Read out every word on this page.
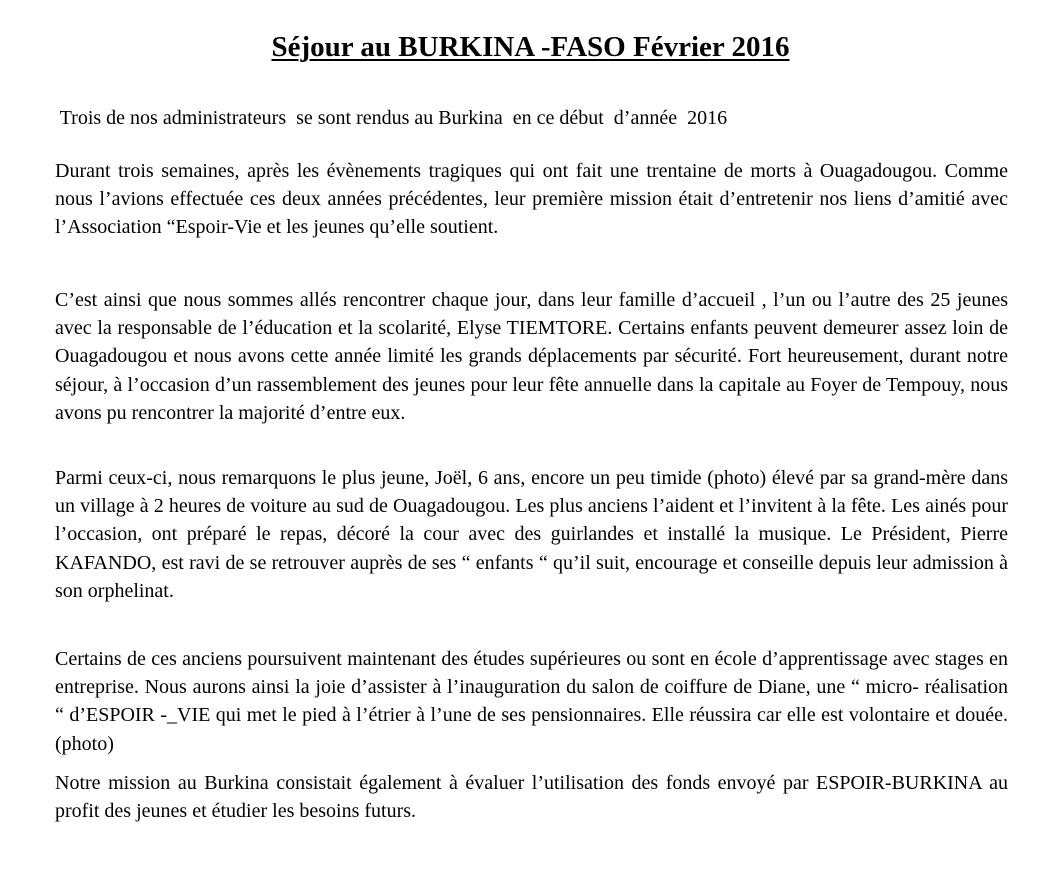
Séjour au BURKINA -FASO Février 2016

Trois de nos administrateurs  se sont rendus au Burkina  en ce début  d’année  2016

Durant trois semaines, après les évènements tragiques qui ont fait une trentaine de morts à Ouagadougou. Comme nous l’avions effectuée ces deux années précédentes, leur première mission était d’entretenir nos liens d’amitié avec l’Association “Espoir-Vie et les jeunes qu’elle soutient.

C’est ainsi que nous sommes allés rencontrer chaque jour, dans leur famille d’accueil , l’un ou l’autre des 25 jeunes avec la responsable de l’éducation et la scolarité, Elyse TIEMTORE. Certains enfants peuvent demeurer assez loin de Ouagadougou et nous avons cette année limité les grands déplacements par sécurité. Fort heureusement, durant notre séjour, à l’occasion d’un rassemblement des jeunes pour leur fête annuelle dans la capitale au Foyer de Tempouy, nous avons pu rencontrer la majorité d’entre eux.

Parmi ceux-ci, nous remarquons le plus jeune, Joël, 6 ans, encore un peu timide (photo) élevé par sa grand-mère dans un village à 2 heures de voiture au sud de Ouagadougou. Les plus anciens l’aident et l’invitent à la fête. Les ainés pour l’occasion, ont préparé le repas, décoré la cour avec des guirlandes et installé la musique. Le Président, Pierre KAFANDO, est ravi de se retrouver auprès de ses “ enfants “ qu’il suit, encourage et conseille depuis leur admission à son orphelinat.

Certains de ces anciens poursuivent maintenant des études supérieures ou sont en école d’apprentissage avec stages en entreprise. Nous aurons ainsi la joie d’assister à l’inauguration du salon de coiffure de Diane, une “ micro- réalisation “ d’ESPOIR -_VIE qui met le pied à l’étrier à l’une de ses pensionnaires. Elle réussira car elle est volontaire et douée. (photo)

Notre mission au Burkina consistait également à évaluer l’utilisation des fonds envoyé par ESPOIR-BURKINA au profit des jeunes et étudier les besoins futurs.
